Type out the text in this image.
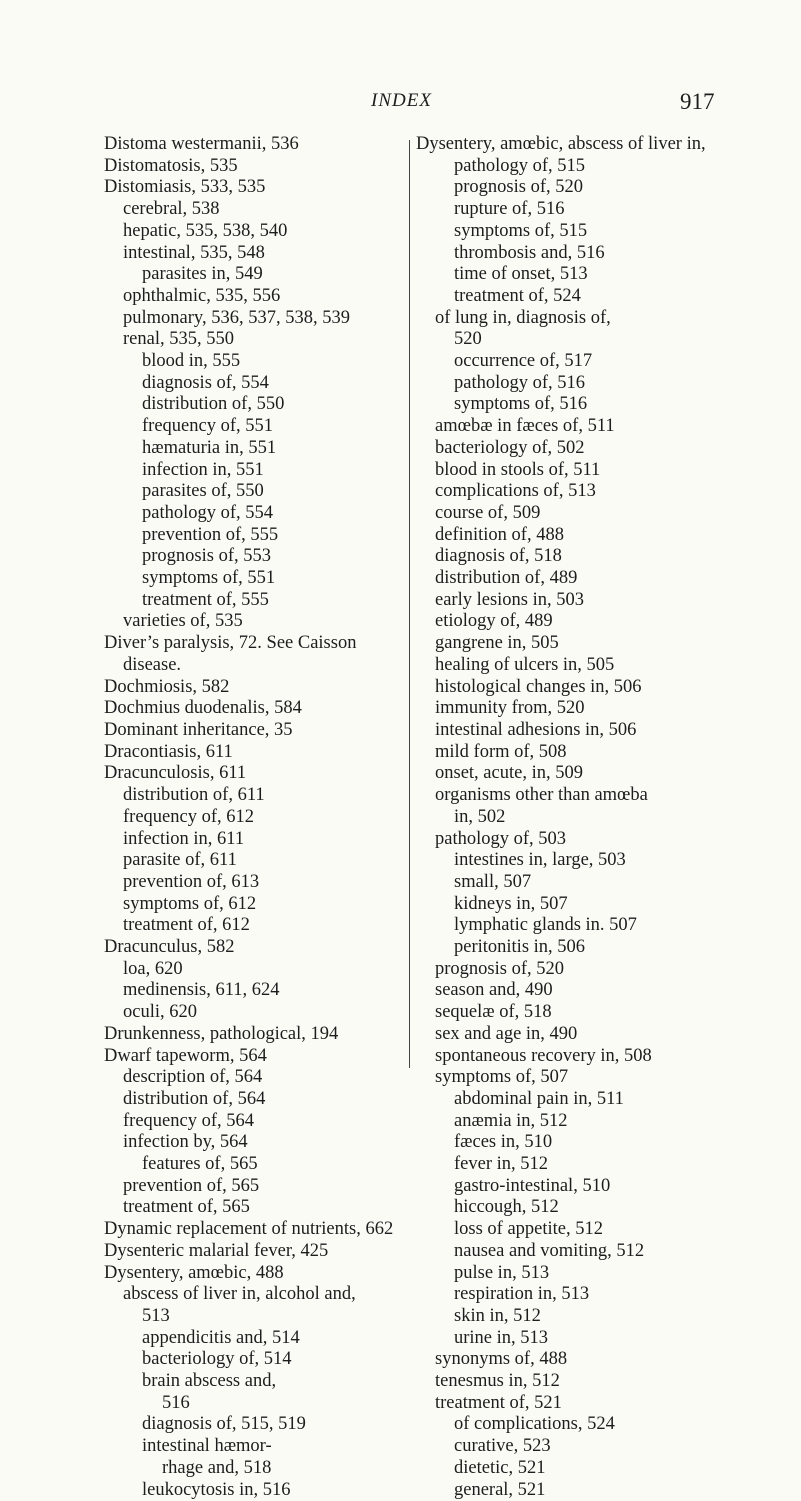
INDEX	917
Distoma westermanii, 536
Distomatosis, 535
Distomiasis, 533, 535
cerebral, 538
hepatic, 535, 538, 540
intestinal, 535, 548
parasites in, 549
ophthalmic, 535, 556
pulmonary, 536, 537, 538, 539
renal, 535, 550
blood in, 555
diagnosis of, 554
distribution of, 550
frequency of, 551
hæmaturia in, 551
infection in, 551
parasites of, 550
pathology of, 554
prevention of, 555
prognosis of, 553
symptoms of, 551
treatment of, 555
varieties of, 535
Diver’s paralysis, 72. See Caisson
disease.
Dochmiosis, 582
Dochmius duodenalis, 584
Dominant inheritance, 35
Dracontiasis, 611
Dracunculosis, 611
distribution of, 611
frequency of, 612
infection in, 611
parasite of, 611
prevention of, 613
symptoms of, 612
treatment of, 612
Dracunculus, 582
loa, 620
medinensis, 611, 624
oculi, 620
Drunkenness, pathological, 194
Dwarf tapeworm, 564
description of, 564
distribution of, 564
frequency of, 564
infection by, 564
features of, 565
prevention of, 565
treatment of, 565
Dynamic replacement of nutrients, 662
Dysenteric malarial fever, 425
Dysentery, amœbic, 488
abscess of liver in, alcohol and,
513
appendicitis and, 514
bacteriology of, 514
brain abscess and,
516
diagnosis of, 515, 519
intestinal hæmor-
rhage and, 518
leukocytosis in, 516
Dysentery, amœbic, abscess of liver in,
pathology of, 515
prognosis of, 520
rupture of, 516
symptoms of, 515
thrombosis and, 516
time of onset, 513
treatment of, 524
of lung in, diagnosis of,
520
occurrence of, 517
pathology of, 516
symptoms of, 516
amœbæ in fæces of, 511
bacteriology of, 502
blood in stools of, 511
complications of, 513
course of, 509
definition of, 488
diagnosis of, 518
distribution of, 489
early lesions in, 503
etiology of, 489
gangrene in, 505
healing of ulcers in, 505
histological changes in, 506
immunity from, 520
intestinal adhesions in, 506
mild form of, 508
onset, acute, in, 509
organisms other than amœba
in, 502
pathology of, 503
intestines in, large, 503
small, 507
kidneys in, 507
lymphatic glands in. 507
peritonitis in, 506
prognosis of, 520
season and, 490
sequelæ of, 518
sex and age in, 490
spontaneous recovery in, 508
symptoms of, 507
abdominal pain in, 511
anæmia in, 512
fæces in, 510
fever in, 512
gastro-intestinal, 510
hiccough, 512
loss of appetite, 512
nausea and vomiting, 512
pulse in, 513
respiration in, 513
skin in, 512
urine in, 513
synonyms of, 488
tenesmus in, 512
treatment of, 521
of complications, 524
curative, 523
dietetic, 521
general, 521
